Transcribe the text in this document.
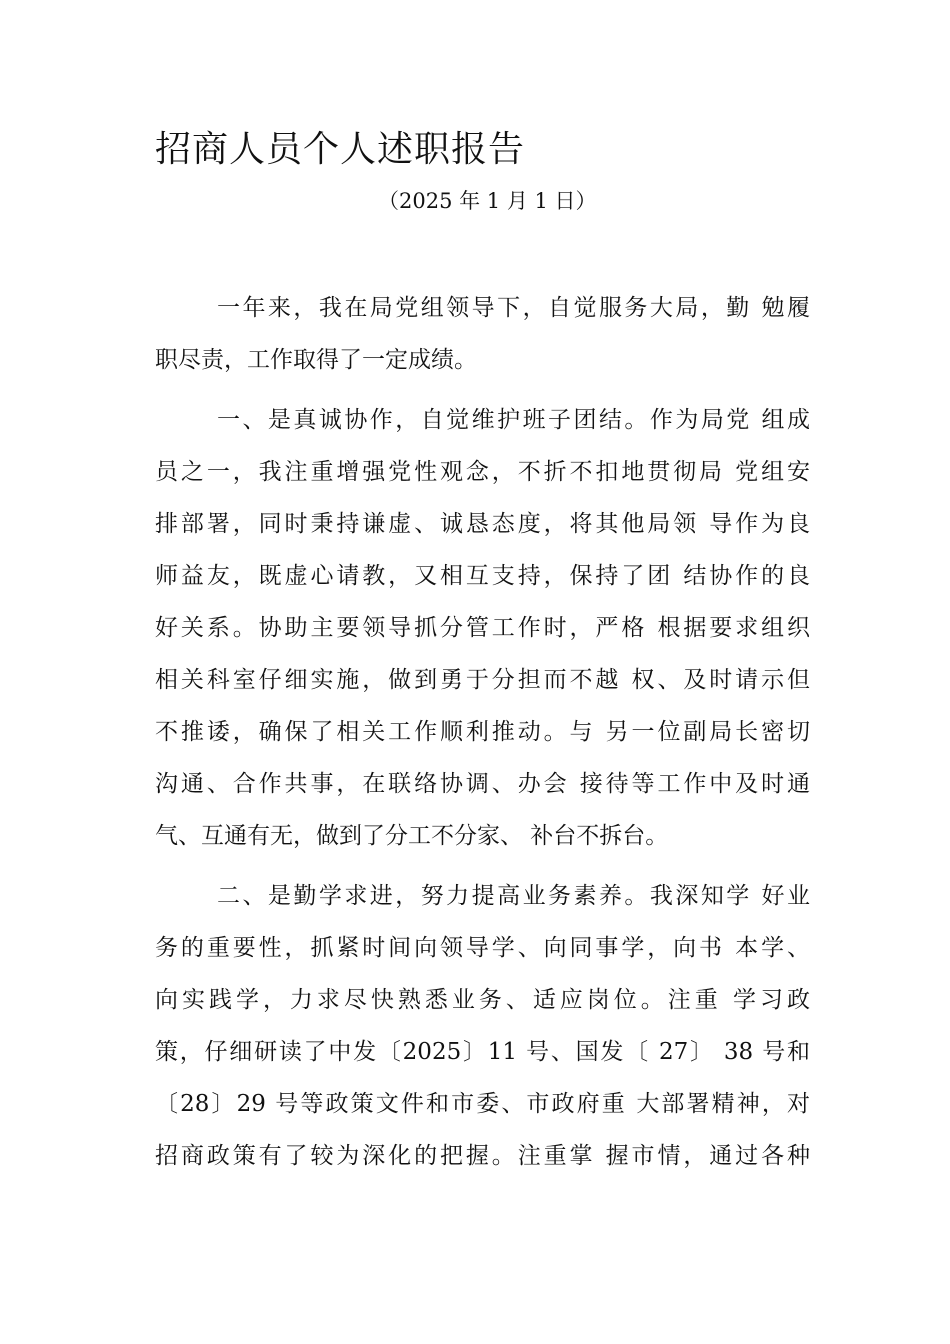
招商人员个人述职报告
（2025 年 1 月 1 日）
一年来，我在局党组领导下，自觉服务大局，勤 勉履
职尽责，工作取得了一定成绩。
一、是真诚协作，自觉维护班子团结。作为局党 组成
员之一，我注重增强党性观念，不折不扣地贯彻局 党组安
排部署，同时秉持谦虚、诚恳态度，将其他局领 导作为良
师益友，既虚心请教，又相互支持，保持了团 结协作的良
好关系。协助主要领导抓分管工作时，严格 根据要求组织
相关科室仔细实施，做到勇于分担而不越 权、及时请示但
不推诿，确保了相关工作顺利推动。与 另一位副局长密切
沟通、合作共事，在联络协调、办会 接待等工作中及时通
气、互通有无，做到了分工不分家、 补台不拆台。
二、是勤学求进，努力提高业务素养。我深知学 好业
务的重要性，抓紧时间向领导学、向同事学，向书 本学、
向实践学，力求尽快熟悉业务、适应岗位。注重 学习政
策，仔细研读了中发〔2025〕11 号、国发〔 27〕 38 号和
〔28〕29 号等政策文件和市委、市政府重 大部署精神，对
招商政策有了较为深化的把握。注重掌 握市情，通过各种
